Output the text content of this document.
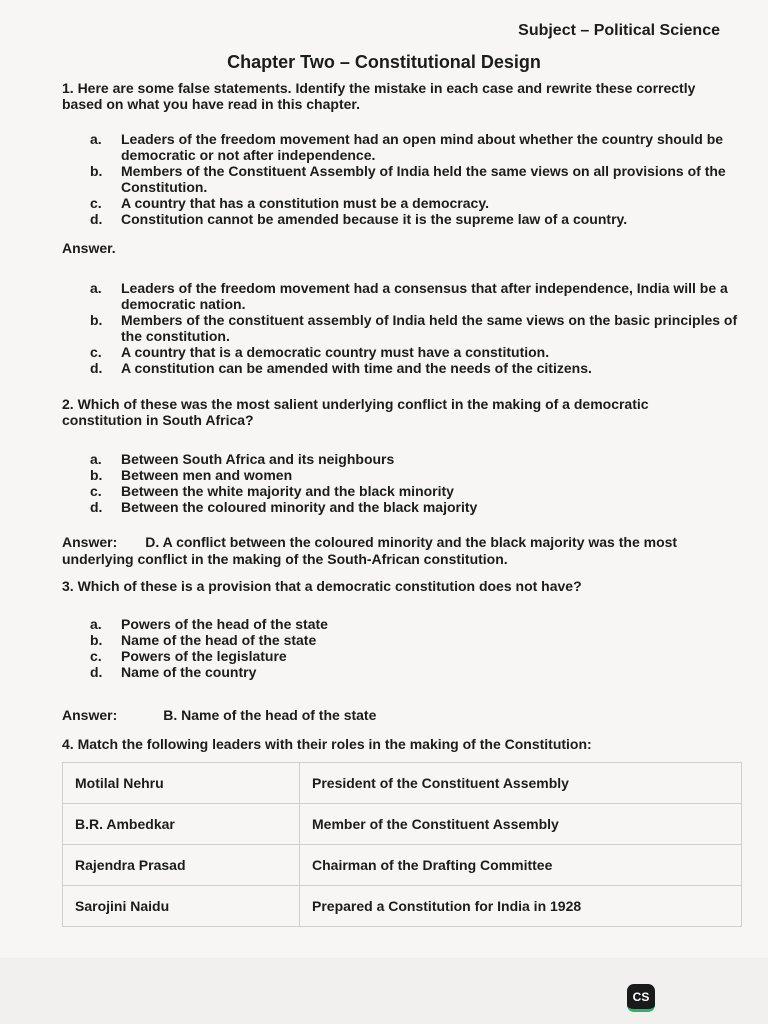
Subject – Political Science
Chapter Two – Constitutional Design
1. Here are some false statements. Identify the mistake in each case and rewrite these correctly based on what you have read in this chapter.
a.	Leaders of the freedom movement had an open mind about whether the country should be democratic or not after independence.
b.	Members of the Constituent Assembly of India held the same views on all provisions of the Constitution.
c.	A country that has a constitution must be a democracy.
d.	Constitution cannot be amended because it is the supreme law of a country.
Answer.
a.	Leaders of the freedom movement had a consensus that after independence, India will be a democratic nation.
b.	Members of the constituent assembly of India held the same views on the basic principles of the constitution.
c.	A country that is a democratic country must have a constitution.
d.	A constitution can be amended with time and the needs of the citizens.
2. Which of these was the most salient underlying conflict in the making of a democratic constitution in South Africa?
a.	Between South Africa and its neighbours
b.	Between men and women
c.	Between the white majority and the black minority
d.	Between the coloured minority and the black majority
Answer: D. A conflict between the coloured minority and the black majority was the most underlying conflict in the making of the South-African constitution.
3. Which of these is a provision that a democratic constitution does not have?
a.	Powers of the head of the state
b.	Name of the head of the state
c.	Powers of the legislature
d.	Name of the country
Answer:	B. Name of the head of the state
4. Match the following leaders with their roles in the making of the Constitution:
Motilal Nehru	President of the Constituent Assembly
B.R. Ambedkar	Member of the Constituent Assembly
Rajendra Prasad	Chairman of the Drafting Committee
Sarojini Naidu	Prepared a Constitution for India in 1928
CS
